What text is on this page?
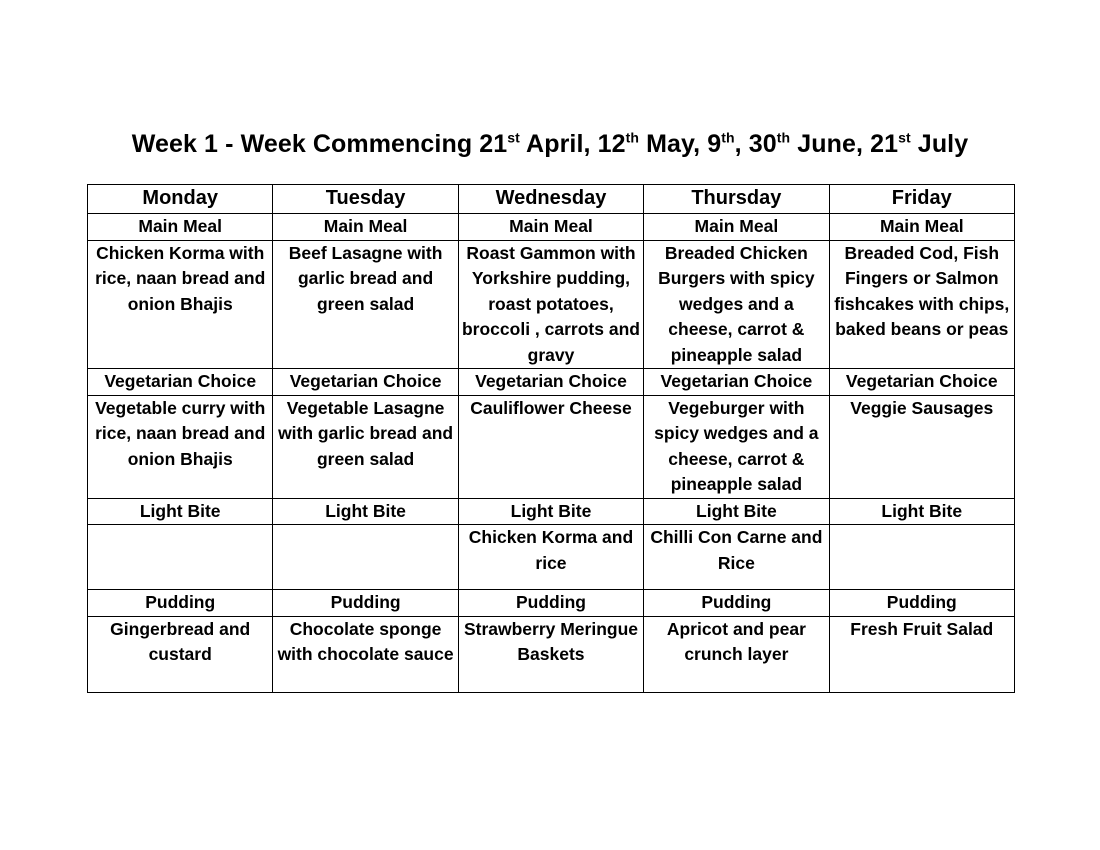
Week 1 - Week Commencing 21st April, 12th May, 9th, 30th June, 21st July
Monday	Tuesday	Wednesday	Thursday	Friday
Main Meal	Main Meal	Main Meal	Main Meal	Main Meal
Chicken Korma with rice, naan bread and onion Bhajis	Beef Lasagne with garlic bread and green salad	Roast Gammon with Yorkshire pudding, roast potatoes, broccoli , carrots and gravy	Breaded Chicken Burgers with spicy wedges and a cheese, carrot & pineapple salad	Breaded Cod, Fish Fingers or Salmon fishcakes with chips, baked beans or peas
Vegetarian Choice	Vegetarian Choice	Vegetarian Choice	Vegetarian Choice	Vegetarian Choice
Vegetable curry with rice, naan bread and onion Bhajis	Vegetable Lasagne with garlic bread and green salad	Cauliflower Cheese	Vegeburger with spicy wedges and a cheese, carrot & pineapple salad	Veggie Sausages
Light Bite	Light Bite	Light Bite	Light Bite	Light Bite
		Chicken Korma and rice	Chilli Con Carne and Rice	
Pudding	Pudding	Pudding	Pudding	Pudding
Gingerbread and custard	Chocolate sponge with chocolate sauce	Strawberry Meringue Baskets	Apricot and pear crunch layer	Fresh Fruit Salad
